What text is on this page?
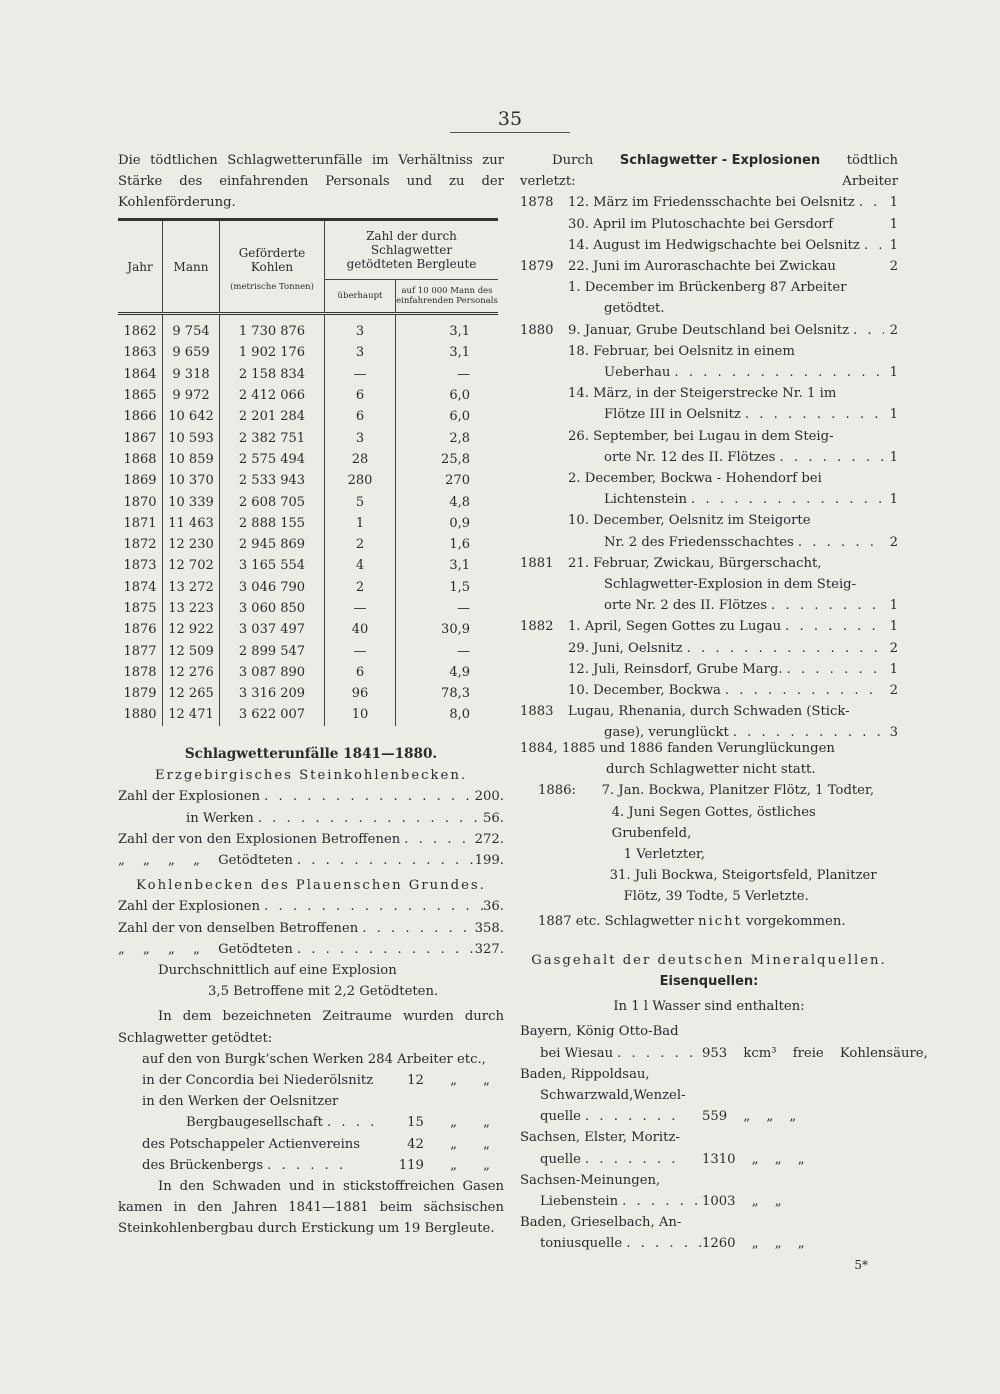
35
Die tödtlichen Schlagwetterunfälle im Verhältniss zur Stärke des einfahrenden Personals und zu der Kohlenförderung.
Jahr	Mann	Geförderte Kohlen
(metrische Tonnen)	Zahl der durch Schlagwetter getödteten Bergleute	

			überhaupt	auf 10 000 Mann des einfahrenden Personals

1862	9 754	1 730 876	3	3,1
1863	9 659	1 902 176	3	3,1
1864	9 318	2 158 834	—	—
1865	9 972	2 412 066	6	6,0
1866	10 642	2 201 284	6	6,0
1867	10 593	2 382 751	3	2,8
1868	10 859	2 575 494	28	25,8
1869	10 370	2 533 943	280	270
1870	10 339	2 608 705	5	4,8
1871	11 463	2 888 155	1	0,9
1872	12 230	2 945 869	2	1,6
1873	12 702	3 165 554	4	3,1
1874	13 272	3 046 790	2	1,5
1875	13 223	3 060 850	—	—
1876	12 922	3 037 497	40	30,9
1877	12 509	2 899 547	—	—
1878	12 276	3 087 890	6	4,9
1879	12 265	3 316 209	96	78,3
1880	12 471	3 622 007	10	8,0
Schlagwetterunfälle 1841—1880.
Erzgebirgisches Steinkohlenbecken.
Zahl der Explosionen . . .	200.
in Werken . . .	56.
Zahl der von den Explosionen Betroffenen . . .	272.
„ „ „ „ Getödteten . . .	199.
Kohlenbecken des Plauenschen Grundes.
Zahl der Explosionen . . .	36.
Zahl der von denselben Betroffenen . . .	358.
„ „ „ „ Getödteten . . .	327.
Durchschnittlich auf eine Explosion
3,5 Betroffene mit 2,2 Getödteten.
In dem bezeichneten Zeitraume wurden durch Schlagwetter getödtet:
auf den von Burgk’schen Werken 284 Arbeiter etc.,
in der Concordia bei Niederölsnitz	12 „ „
in den Werken der Oelsnitzer
Bergbaugesellschaft . . .	15 „ „
des Potschappeler Actienvereins	42 „ „
des Brückenbergs . . .	119 „ „
In den Schwaden und in stickstoffreichen Gasen kamen in den Jahren 1841—1881 beim sächsischen Steinkohlenbergbau durch Erstickung um 19 Bergleute.
Durch Schlagwetter - Explosionen tödtlich
verletzt:	Arbeiter
1878	12. März im Friedensschachte bei Oelsnitz . . .	1
30. April im Plutoschachte bei Gersdorf	1
14. August im Hedwigschachte bei Oelsnitz . . .	1
1879	22. Juni im Auroraschachte bei Zwickau	2
1. December im Brückenberg 87 Arbeiter
getödtet.
1880	9. Januar, Grube Deutschland bei Oelsnitz . . .	2
18. Februar, bei Oelsnitz in einem
Ueberhau . . .	1
14. März, in der Steigerstrecke Nr. 1 im
Flötze III in Oelsnitz . . .	1
26. September, bei Lugau in dem Steig-
orte Nr. 12 des II. Flötzes . . .	1
2. December, Bockwa - Hohendorf bei
Lichtenstein . . .	1
10. December, Oelsnitz im Steigorte
Nr. 2 des Friedensschachtes . . .	2
1881	21. Februar, Zwickau, Bürgerschacht,
Schlagwetter-Explosion in dem Steig-
orte Nr. 2 des II. Flötzes . . .	1
1882	1. April, Segen Gottes zu Lugau . . .	1
29. Juni, Oelsnitz . . .	2
12. Juli, Reinsdorf, Grube Marg. . . .	1
10. December, Bockwa . . .	2
1883	Lugau, Rhenania, durch Schwaden (Stick-
gase), verunglückt . . .	3
1884, 1885 und 1886 fanden Verunglückungen
durch Schlagwetter nicht statt.
1886:	7. Jan. Bockwa, Planitzer Flötz, 1 Todter,
4. Juni Segen Gottes, östliches Grubenfeld,
1 Verletzter,
31. Juli Bockwa, Steigortsfeld, Planitzer
Flötz, 39 Todte, 5 Verletzte.
1887 etc. Schlagwetter nicht vorgekommen.
Gasgehalt der deutschen Mineralquellen.
Eisenquellen:
In 1 l Wasser sind enthalten:
Bayern, König Otto-Bad
bei Wiesau . . .	953 kcm³ freie Kohlensäure,
Baden, Rippoldsau,
Schwarzwald,Wenzel-
quelle . . .	559 „ „ „
Sachsen, Elster, Moritz-
quelle . . .	1310 „ „ „
Sachsen-Meinungen,
Liebenstein . . .	1003 „ „
Baden, Grieselbach, An-
toniusquelle . . .	1260 „ „ „
5*
